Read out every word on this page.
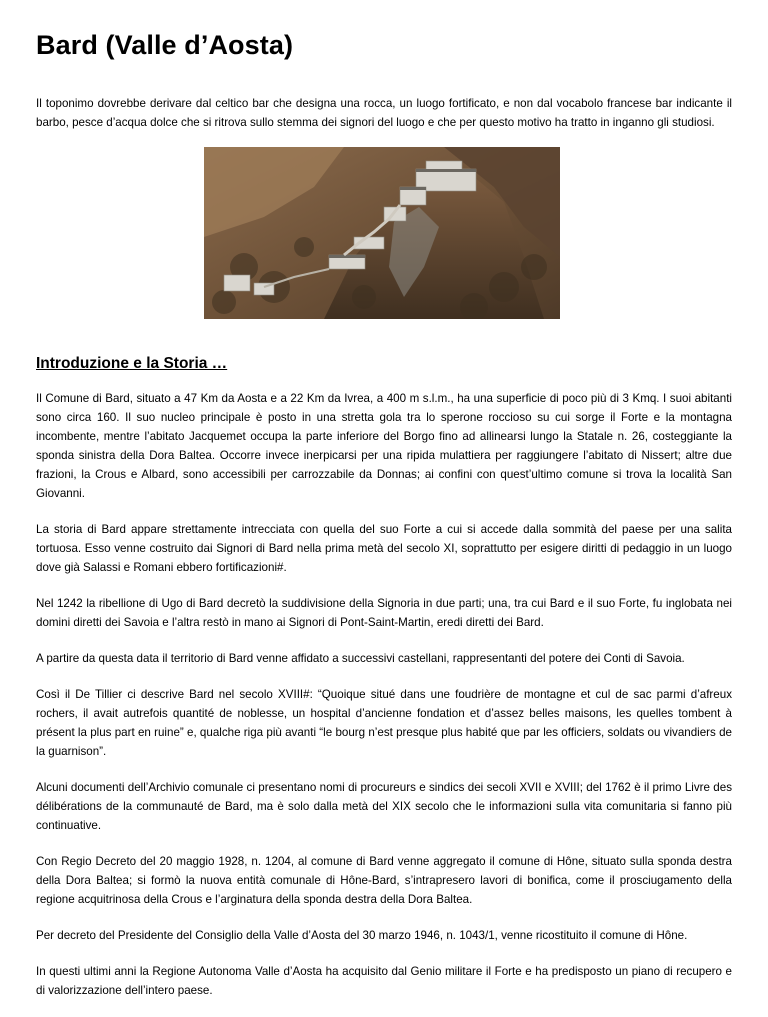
Bard (Valle d’Aosta)

Il toponimo dovrebbe derivare dal celtico bar che designa una rocca, un luogo fortificato, e non dal vocabolo francese bar indicante il barbo, pesce d’acqua dolce che si ritrova sullo stemma dei signori del luogo e che per questo motivo ha tratto in inganno gli studiosi.

Introduzione e la Storia …

Il Comune di Bard, situato a 47 Km da Aosta e a 22 Km da Ivrea, a 400 m s.l.m., ha una superficie di poco più di 3 Kmq. I suoi abitanti sono circa 160. Il suo nucleo principale è posto in una stretta gola tra lo sperone roccioso su cui sorge il Forte e la montagna incombente, mentre l’abitato Jacquemet occupa la parte inferiore del Borgo fino ad allinearsi lungo la Statale n. 26, costeggiante la sponda sinistra della Dora Baltea. Occorre invece inerpicarsi per una ripida mulattiera per raggiungere l’abitato di Nissert; altre due frazioni, la Crous e Albard, sono accessibili per carrozzabile da Donnas; ai confini con quest’ultimo comune si trova la località San Giovanni.

La storia di Bard appare strettamente intrecciata con quella del suo Forte a cui si accede dalla sommità del paese per una salita tortuosa. Esso venne costruito dai Signori di Bard nella prima metà del secolo XI, soprattutto per esigere diritti di pedaggio in un luogo dove già Salassi e Romani ebbero fortificazioni#.

Nel 1242 la ribellione di Ugo di Bard decretò la suddivisione della Signoria in due parti; una, tra cui Bard e il suo Forte, fu inglobata nei domini diretti dei Savoia e l’altra restò in mano ai Signori di Pont-Saint-Martin, eredi diretti dei Bard.

A partire da questa data il territorio di Bard venne affidato a successivi castellani, rappresentanti del potere dei Conti di Savoia.

Così il De Tillier ci descrive Bard nel secolo XVIII#: “Quoique situé dans une foudrière de montagne et cul de sac parmi d’afreux rochers, il avait autrefois quantité de noblesse, un hospital d’ancienne fondation et d’assez belles maisons, les quelles tombent à présent la plus part en ruine” e, qualche riga più avanti “le bourg n’est presque plus habité que par les officiers, soldats ou vivandiers de la guarnison”.

Alcuni documenti dell’Archivio comunale ci presentano nomi di procureurs e sindics dei secoli XVII e XVIII; del 1762 è il primo Livre des délibérations de la communauté de Bard, ma è solo dalla metà del XIX secolo che le informazioni sulla vita comunitaria si fanno più continuative.

Con Regio Decreto del 20 maggio 1928, n. 1204, al comune di Bard venne aggregato il comune di Hône, situato sulla sponda destra della Dora Baltea; si formò la nuova entità comunale di Hône-Bard, s’intrapresero lavori di bonifica, come il prosciugamento della regione acquitrinosa della Crous e l’arginatura della sponda destra della Dora Baltea.

Per decreto del Presidente del Consiglio della Valle d’Aosta del 30 marzo 1946, n. 1043/1, venne ricostituito il comune di Hône.

In questi ultimi anni la Regione Autonoma Valle d’Aosta ha acquisito dal Genio militare il Forte e ha predisposto un piano di recupero e di valorizzazione dell’intero paese.
